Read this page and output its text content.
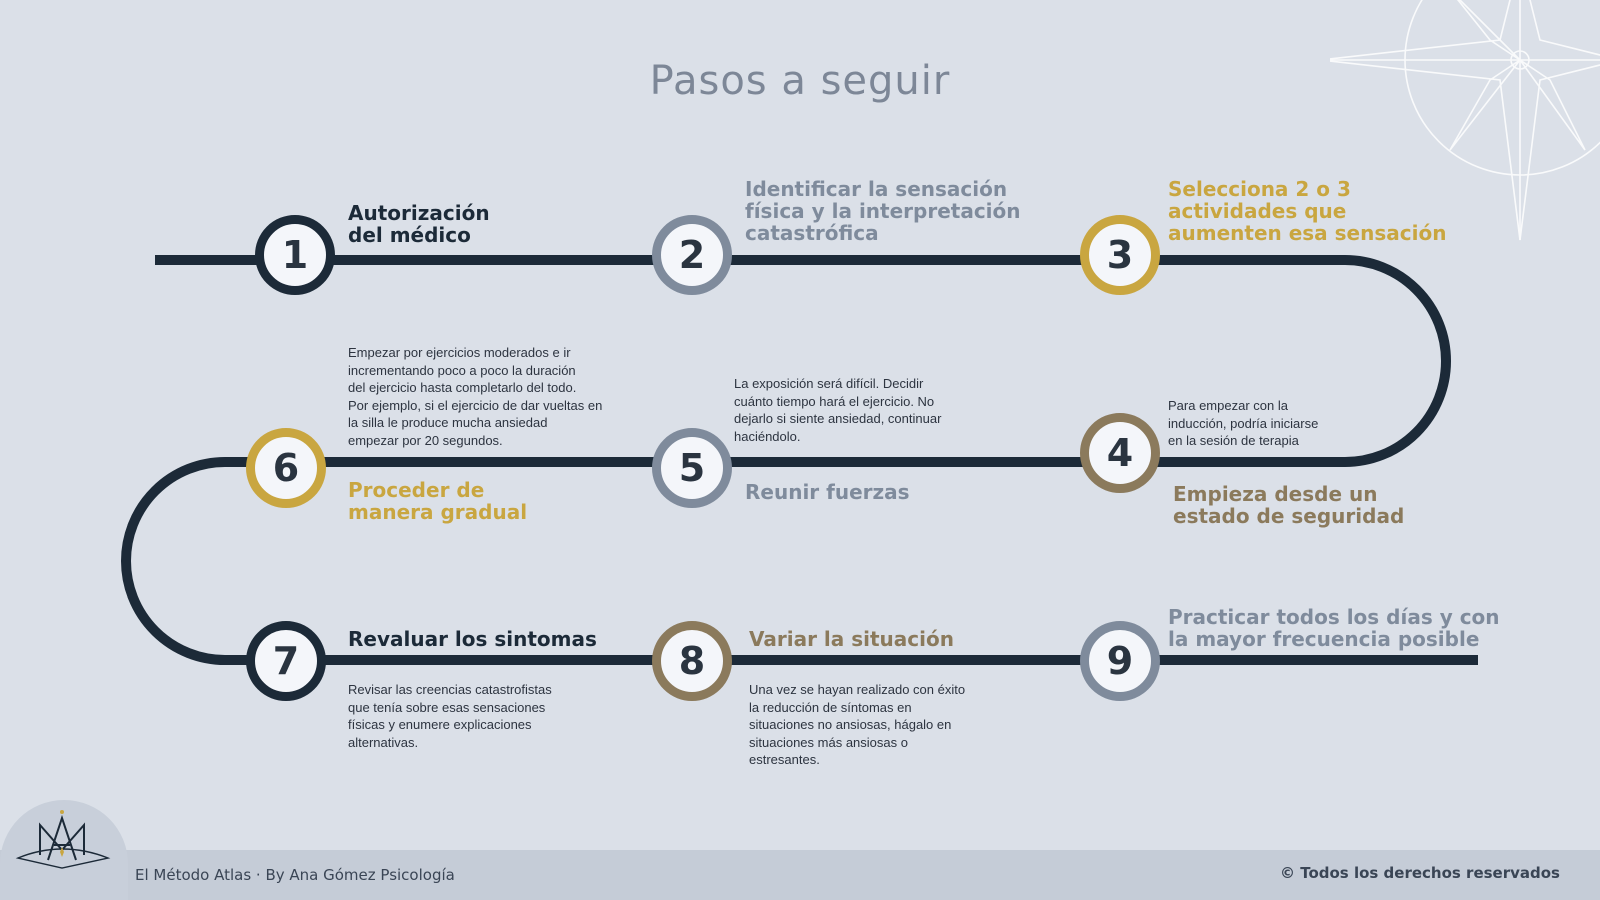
Pasos a seguir
1	2	3
4
5
6
7	8	9
Autorización
del médico
Identificar la sensación
física y la interpretación
catastrófica
Selecciona 2 o 3
actividades que
aumenten esa sensación
Para empezar con la
inducción, podría iniciarse
en la sesión de terapia
Empieza desde un
estado de seguridad
La exposición será difícil. Decidir
cuánto tiempo hará el ejercicio. No
dejarlo si siente ansiedad, continuar
haciéndolo.
Reunir fuerzas
Empezar por ejercicios moderados e ir
incrementando poco a poco la duración
del ejercicio hasta completarlo del todo.
Por ejemplo, si el ejercicio de dar vueltas en
la silla le produce mucha ansiedad
empezar por 20 segundos.
Proceder de
manera gradual
Revaluar los sintomas
Revisar las creencias catastrofistas
que tenía sobre esas sensaciones
físicas y enumere explicaciones
alternativas.
Variar la situación
Una vez se hayan realizado con éxito
la reducción de síntomas en
situaciones no ansiosas, hágalo en
situaciones más ansiosas o
estresantes.
Practicar todos los días y con
la mayor frecuencia posible
El Método Atlas · By Ana Gómez Psicología	© Todos los derechos reservados
